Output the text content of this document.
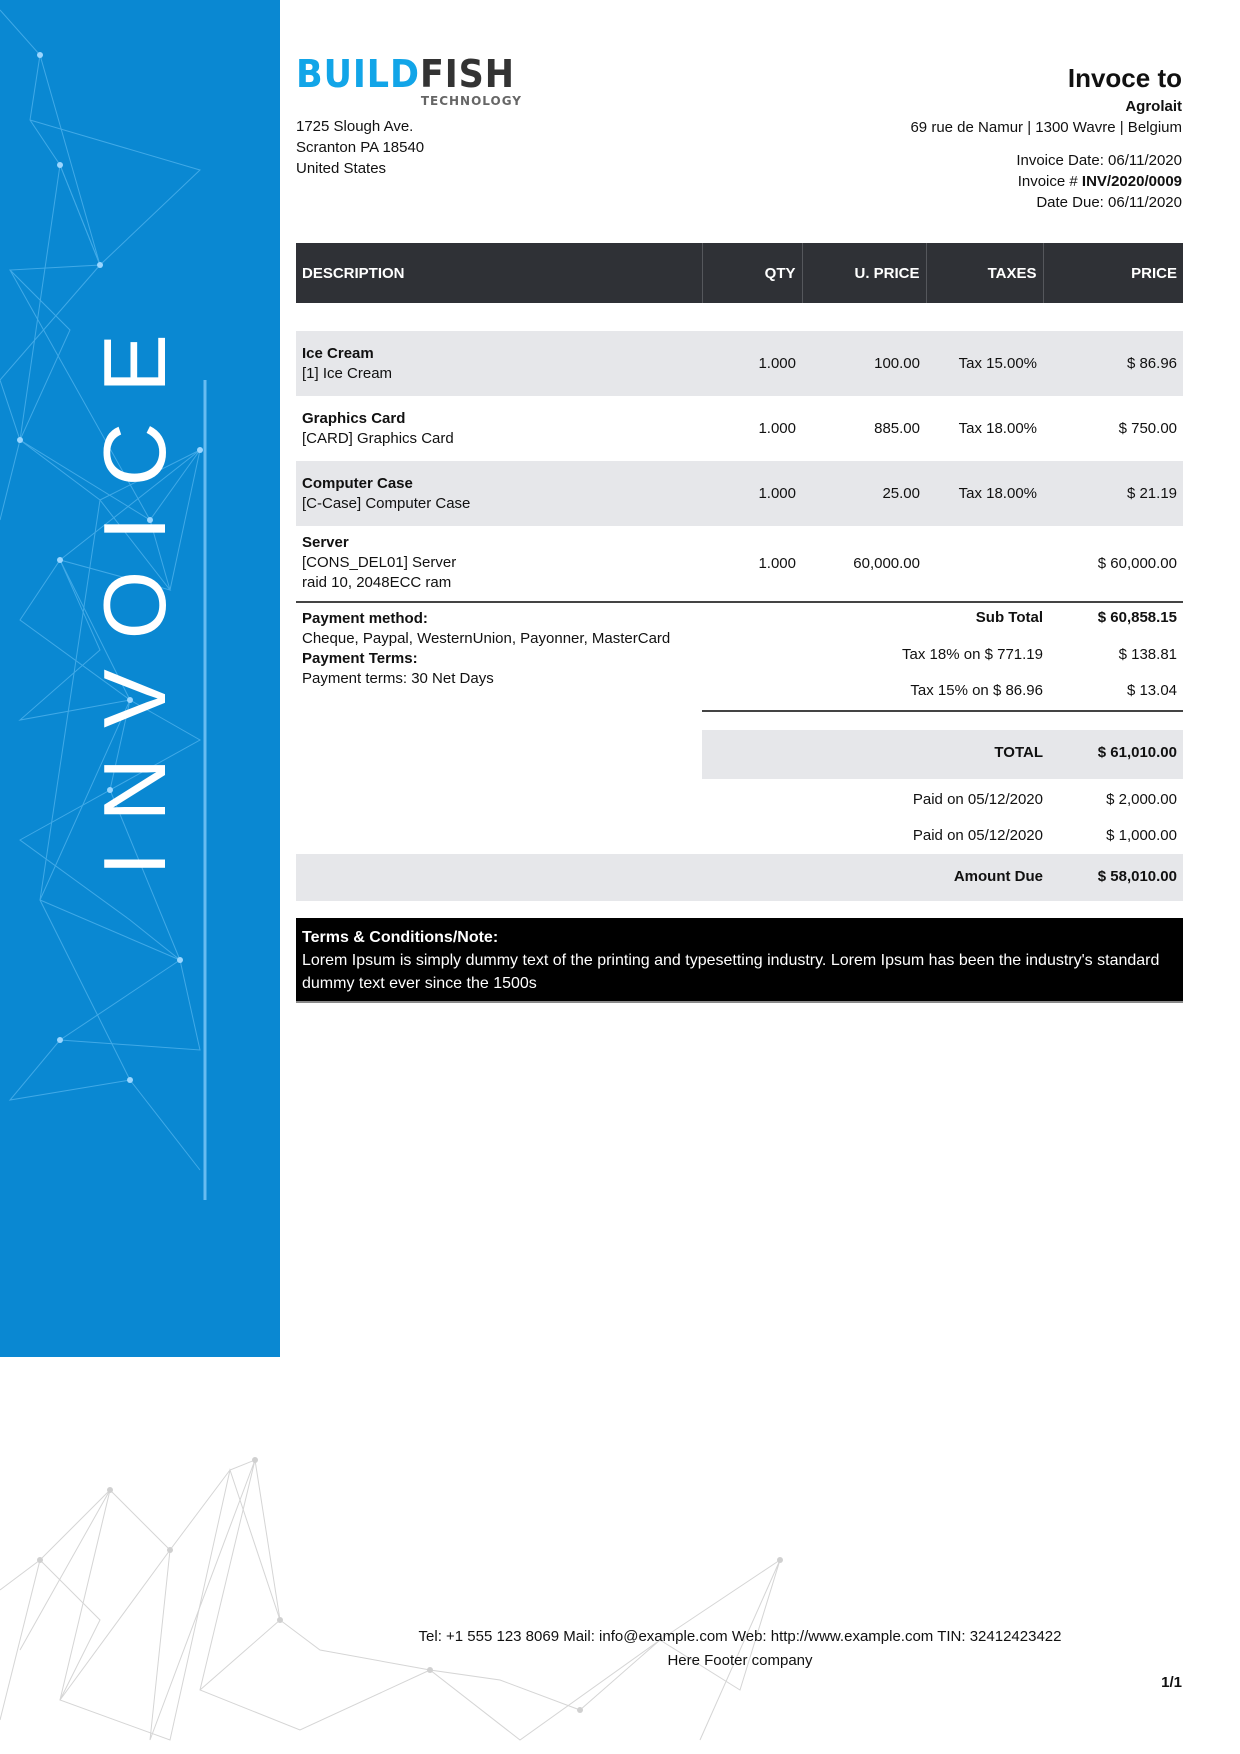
INVOICE
BUILDFISH
TECHNOLOGY
1725 Slough Ave.
Scranton PA 18540
United States
Invoce to
Agrolait
69 rue de Namur | 1300 Wavre | Belgium
Invoice Date: 06/11/2020
Invoice # INV/2020/0009
Date Due: 06/11/2020
DESCRIPTION	QTY	U. PRICE	TAXES	PRICE

Ice Cream
[1] Ice Cream	1.000	100.00	Tax 15.00%	$ 86.96

Graphics Card
[CARD] Graphics Card	1.000	885.00	Tax 18.00%	$ 750.00

Computer Case
[C-Case] Computer Case	1.000	25.00	Tax 18.00%	$ 21.19

Server
[CONS_DEL01] Server
raid 10, 2048ECC ram	1.000	60,000.00		$ 60,000.00
Payment method:
Cheque, Paypal, WesternUnion, Payonner, MasterCard
Payment Terms:
Payment terms: 30 Net Days
Sub Total	$ 60,858.15
Tax 18% on $ 771.19	$ 138.81
Tax 15% on $ 86.96	$ 13.04
TOTAL	$ 61,010.00
Paid on 05/12/2020	$ 2,000.00
Paid on 05/12/2020	$ 1,000.00
Amount Due	$ 58,010.00
Terms & Conditions/Note:
Lorem Ipsum is simply dummy text of the printing and typesetting industry. Lorem Ipsum has been the industry's standard dummy text ever since the 1500s
Tel: +1 555 123 8069 Mail: info@example.com Web: http://www.example.com TIN: 32412423422
Here Footer company
1/1
